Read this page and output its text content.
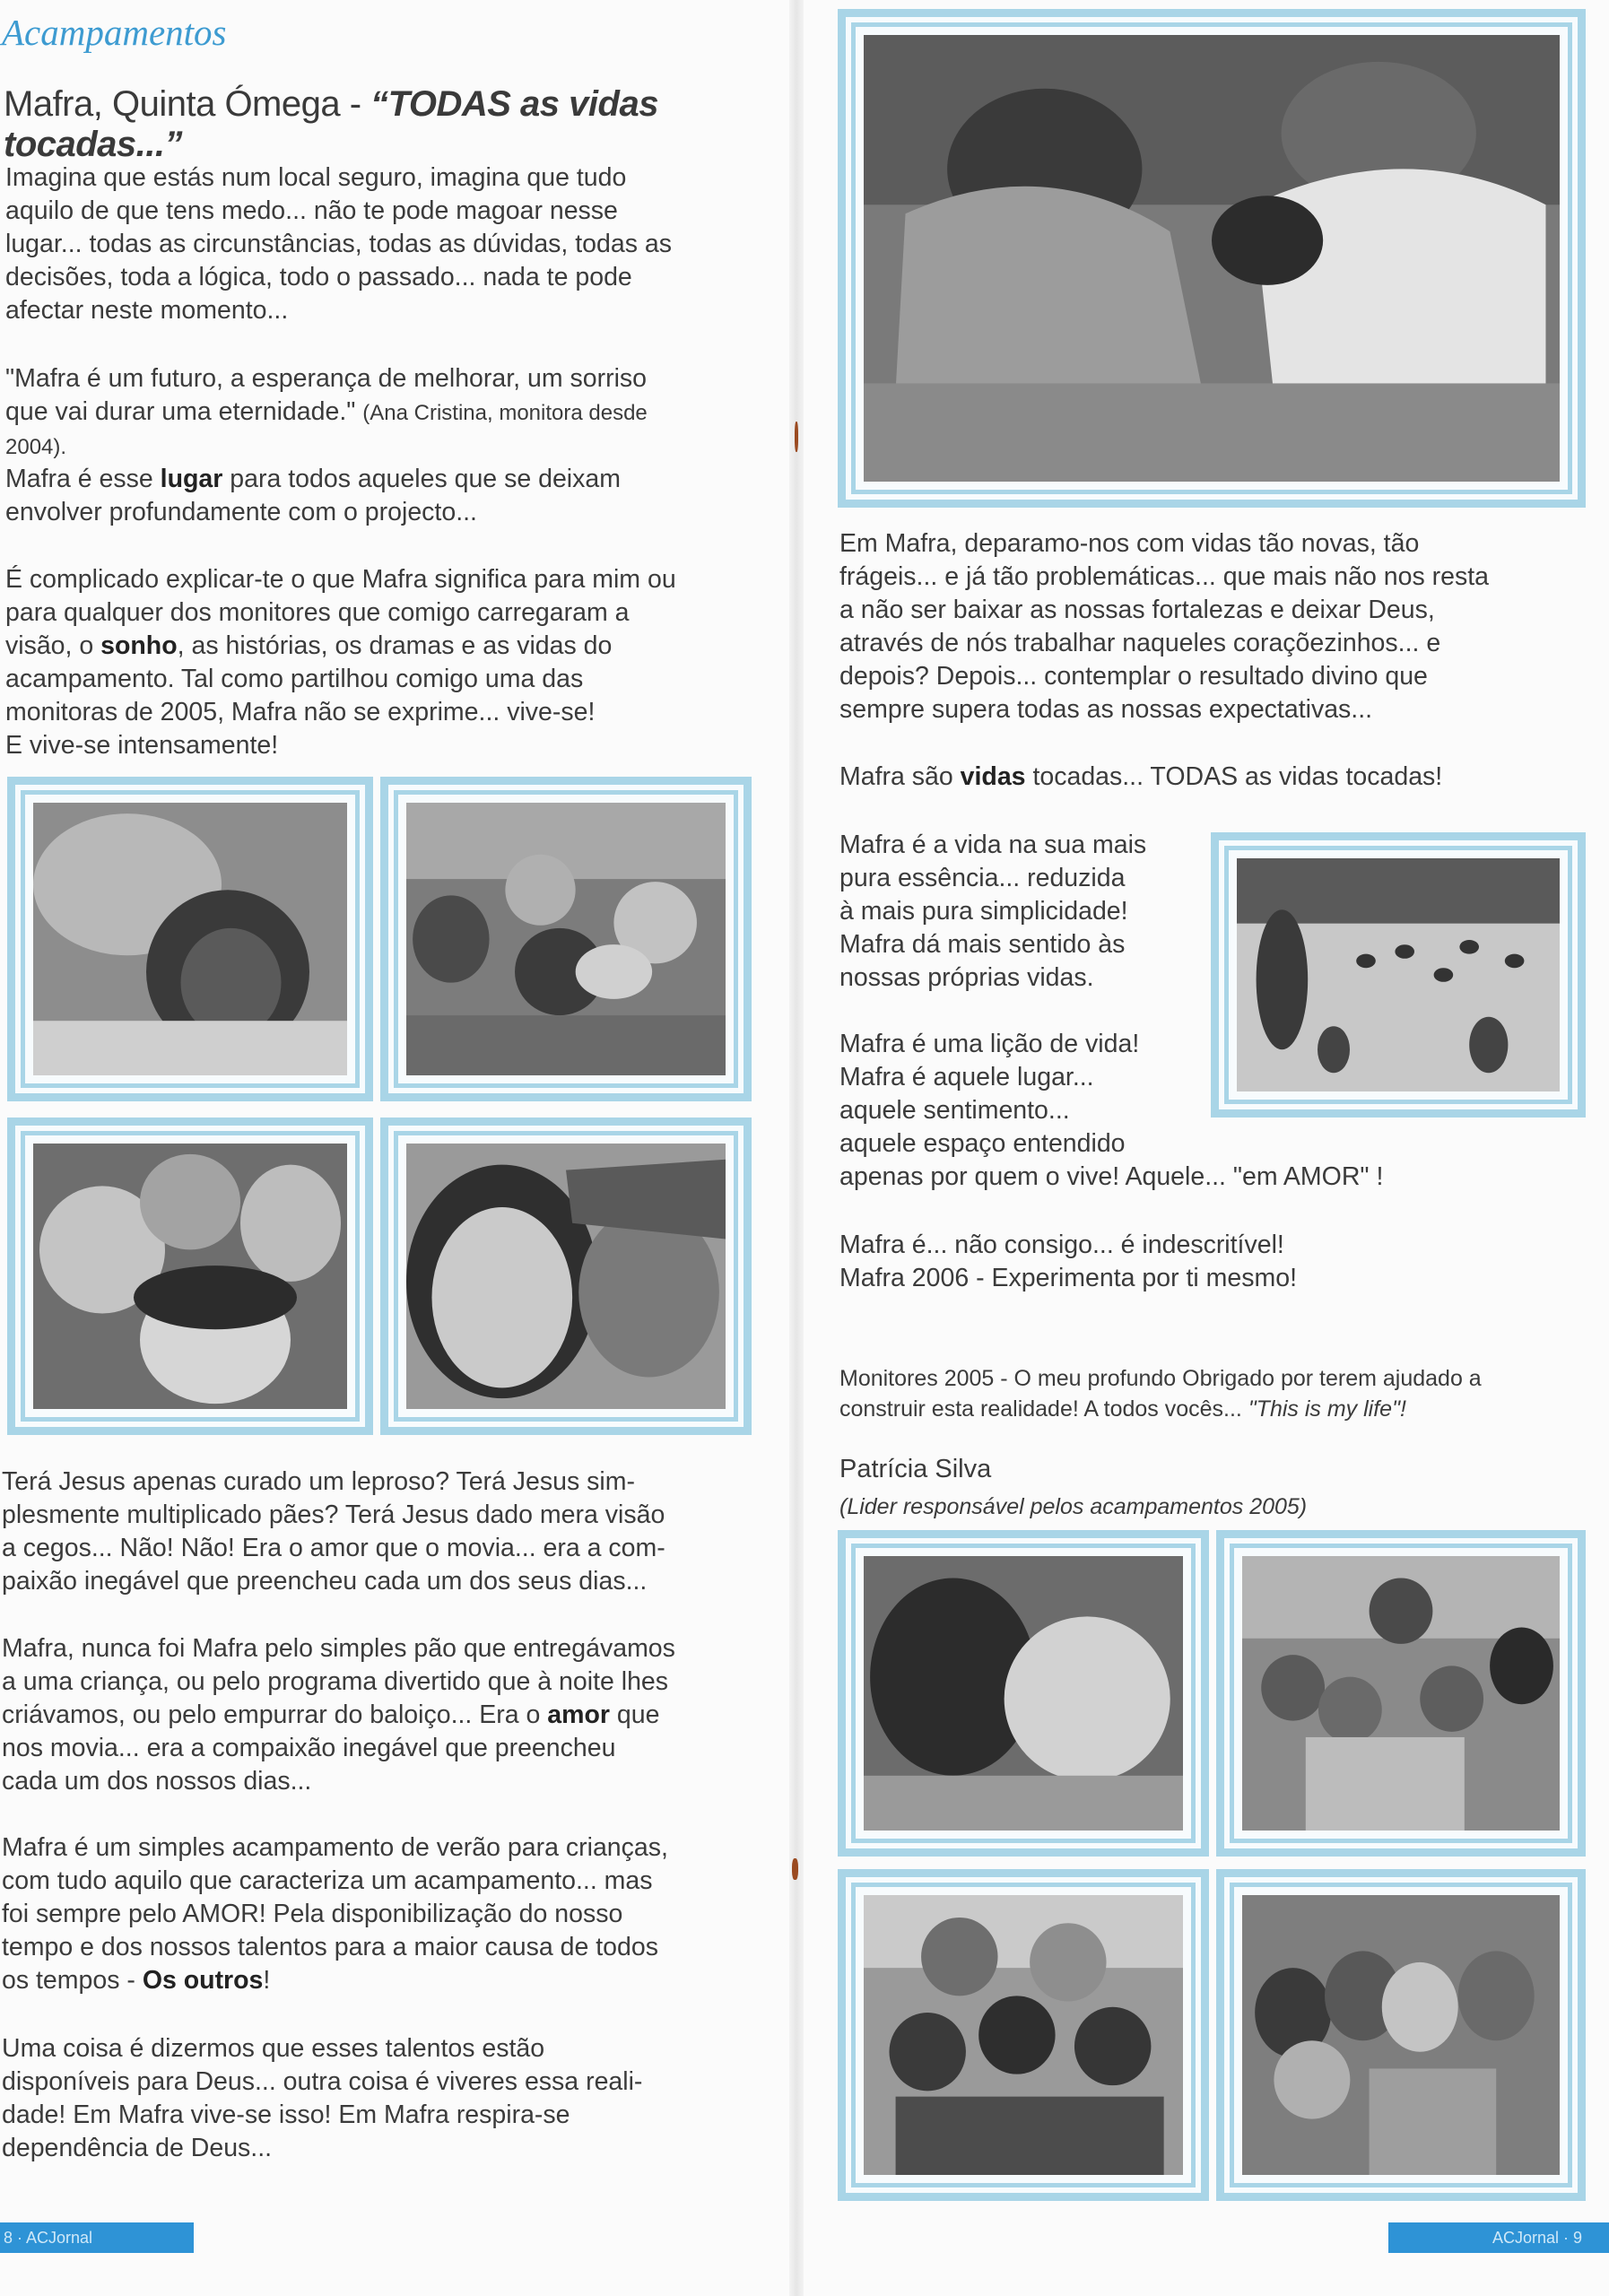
Acampamentos
Mafra, Quinta Ómega - “TODAS as vidas tocadas...”

Imagina que estás num local seguro, imagina que tudo
aquilo de que tens medo... não te pode magoar nesse
lugar... todas as circunstâncias, todas as dúvidas, todas as
decisões, toda a lógica, todo o passado... nada te pode
afectar neste momento...

"Mafra é um futuro, a esperança de melhorar, um sorriso
que vai durar uma eternidade." (Ana Cristina, monitora desde
2004).

Mafra é esse lugar para todos aqueles que se deixam
envolver profundamente com o projecto...

É complicado explicar-te o que Mafra significa para mim ou
para qualquer dos monitores que comigo carregaram a
visão, o sonho, as histórias, os dramas e as vidas do
acampamento. Tal como partilhou comigo uma das
monitoras de 2005, Mafra não se exprime... vive-se!
E vive-se intensamente!

Terá Jesus apenas curado um leproso? Terá Jesus sim-
plesmente multiplicado pães? Terá Jesus dado mera visão
a cegos... Não! Não! Era o amor que o movia... era a com-
paixão inegável que preencheu cada um dos seus dias...

Mafra, nunca foi Mafra pelo simples pão que entregávamos
a uma criança, ou pelo programa divertido que à noite lhes
criávamos, ou pelo empurrar do baloiço... Era o amor que
nos movia... era a compaixão inegável que preencheu
cada um dos nossos dias...

Mafra é um simples acampamento de verão para crianças,
com tudo aquilo que caracteriza um acampamento... mas
foi sempre pelo AMOR! Pela disponibilização do nosso
tempo e dos nossos talentos para a maior causa de todos
os tempos - Os outros!

Uma coisa é dizermos que esses talentos estão
disponíveis para Deus... outra coisa é viveres essa reali-
dade! Em Mafra vive-se isso! Em Mafra respira-se
dependência de Deus...

8 · ACJornal

Em Mafra, deparamo-nos com vidas tão novas, tão
frágeis... e já tão problemáticas... que mais não nos resta
a não ser baixar as nossas fortalezas e deixar Deus,
através de nós trabalhar naqueles coraçõezinhos... e
depois? Depois... contemplar o resultado divino que
sempre supera todas as nossas expectativas...

Mafra são vidas tocadas... TODAS as vidas tocadas!

Mafra é a vida na sua mais
pura essência... reduzida
à mais pura simplicidade!
Mafra dá mais sentido às
nossas próprias vidas.

Mafra é uma lição de vida!
Mafra é aquele lugar...
aquele sentimento...
aquele espaço entendido
apenas por quem o vive! Aquele... "em AMOR" !

Mafra é... não consigo... é indescritível!
Mafra 2006 - Experimenta por ti mesmo!

Monitores 2005 - O meu profundo Obrigado por terem ajudado a
construir esta realidade! A todos vocês... "This is my life"!

Patrícia Silva

(Lider responsável pelos acampamentos 2005)

ACJornal · 9
